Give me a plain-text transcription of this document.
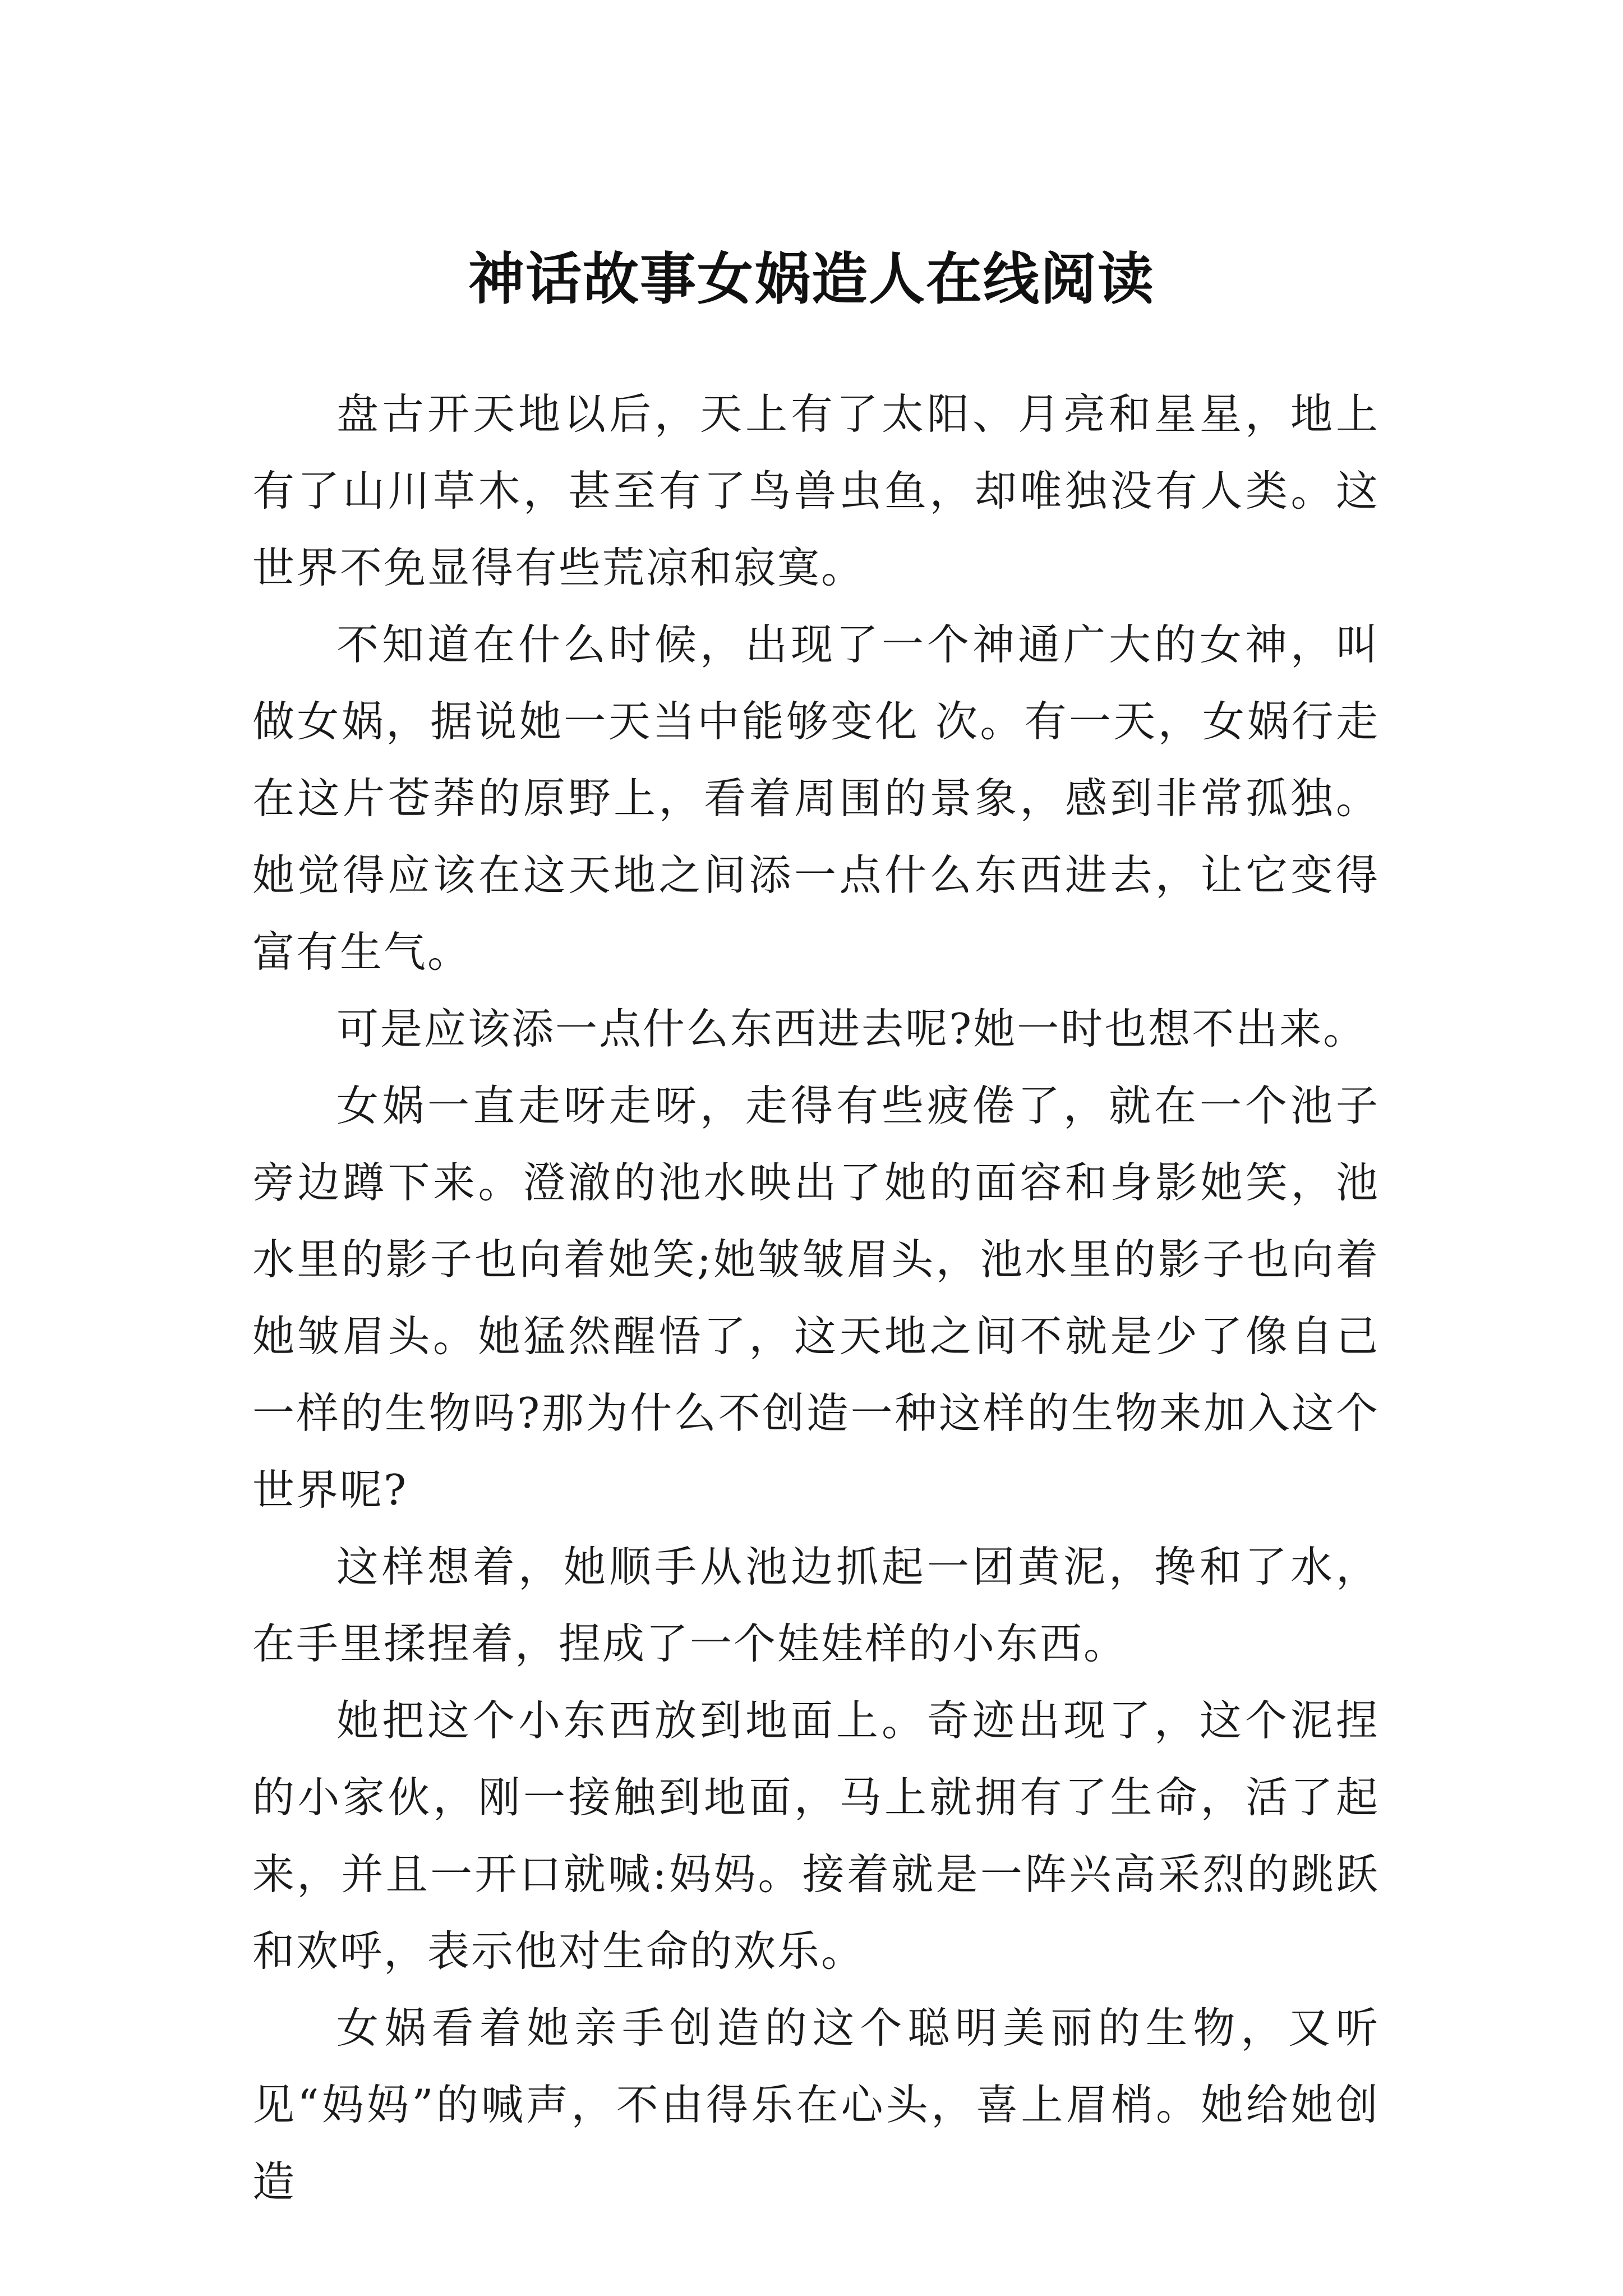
神话故事女娲造人在线阅读

盘古开天地以后，天上有了太阳、月亮和星星，地上有了山川草木，甚至有了鸟兽虫鱼，却唯独没有人类。这世界不免显得有些荒凉和寂寞。

不知道在什么时候，出现了一个神通广大的女神，叫做女娲，据说她一天当中能够变化 次。有一天，女娲行走在这片苍莽的原野上，看着周围的景象，感到非常孤独。她觉得应该在这天地之间添一点什么东西进去，让它变得富有生气。

可是应该添一点什么东西进去呢?她一时也想不出来。

女娲一直走呀走呀，走得有些疲倦了，就在一个池子旁边蹲下来。澄澈的池水映出了她的面容和身影她笑，池水里的影子也向着她笑;她皱皱眉头，池水里的影子也向着她皱眉头。她猛然醒悟了，这天地之间不就是少了像自己一样的生物吗?那为什么不创造一种这样的生物来加入这个世界呢?

这样想着，她顺手从池边抓起一团黄泥，搀和了水，在手里揉捏着，捏成了一个娃娃样的小东西。

她把这个小东西放到地面上。奇迹出现了，这个泥捏的小家伙，刚一接触到地面，马上就拥有了生命，活了起来，并且一开口就喊:妈妈。接着就是一阵兴高采烈的跳跃和欢呼，表示他对生命的欢乐。

女娲看着她亲手创造的这个聪明美丽的生物，又听见“妈妈”的喊声，不由得乐在心头，喜上眉梢。她给她创造
